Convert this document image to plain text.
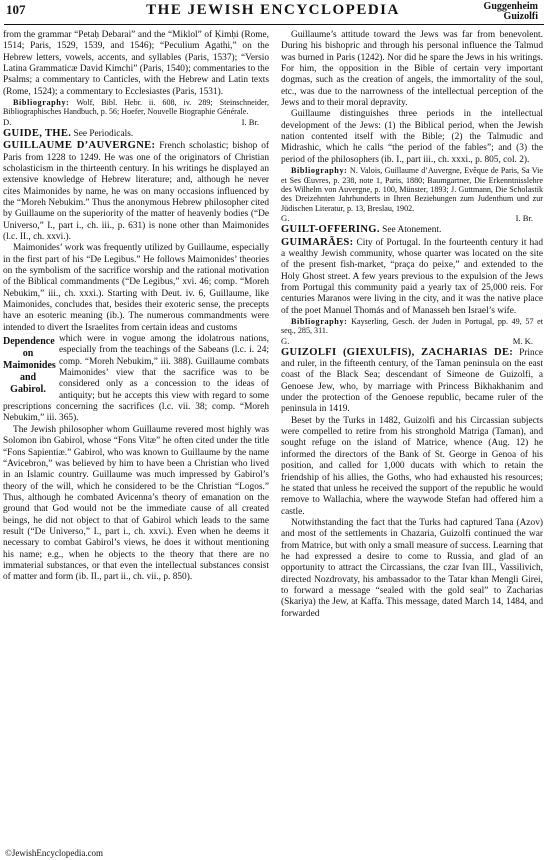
107	THE JEWISH ENCYCLOPEDIA	Guggenheim
Guizolfi

from the grammar “Petaḥ Debarai” and the “Miklol” of Ḳimḥi (Rome, 1514; Paris, 1529, 1539, and 1546); “Peculium Agathi,” on the Hebrew letters, vowels, accents, and syllables (Paris, 1537); “Versio Latina Grammaticæ David Kimchi” (Paris, 1540); commentaries to the Psalms; a commentary to Canticles, with the Hebrew and Latin texts (Rome, 1524); a commentary to Ecclesiastes (Paris, 1531).

Bibliography: Wolf, Bibl. Hebr. ii. 608, iv. 289; Steinschneider, Bibliographisches Handbuch, p. 56; Hoefer, Nouvelle Biographie Générale.

D.	I. Br.

GUIDE, THE. See Periodicals.

GUILLAUME D’AUVERGNE: French scholastic; bishop of Paris from 1228 to 1249. He was one of the originators of Christian scholasticism in the thirteenth century. In his writings he displayed an extensive knowledge of Hebrew literature; and, although he never cites Maimonides by name, he was on many occasions influenced by the “Moreh Nebukim.” Thus the anonymous Hebrew philosopher cited by Guillaume on the superiority of the matter of heavenly bodies (“De Universo,” I., part i., ch. iii., p. 631) is none other than Maimonides (l.c. II., ch. xxvi.).

Maimonides’ work was frequently utilized by Guillaume, especially in the first part of his “De Legibus.” He follows Maimonides’ theories on the symbolism of the sacrifice worship and the rational motivation of the Biblical commandments (“De Legibus,” xvi. 46; comp. “Moreh Nebukim,” iii., ch. xxxi.). Starting with Deut. iv. 6, Guillaume, like Maimonides, concludes that, besides their exoteric sense, the precepts have an esoteric meaning (ib.). The numerous commandments were intended to divert the Israelites from certain ideas and customs

Dependence on Maimonides and Gabirol.

which were in vogue among the idolatrous nations, especially from the teachings of the Sabeans (l.c. i. 24; comp. “Moreh Nebukim,” iii. 388). Guillaume combats Maimonides’ view that the sacrifice was to be considered only as a concession to the ideas of antiquity; but he accepts this view with regard to some prescriptions concerning the sacrifices (l.c. vii. 38; comp. “Moreh Nebukim,” iii. 365).

The Jewish philosopher whom Guillaume revered most highly was Solomon ibn Gabirol, whose “Fons Vitæ” he often cited under the title “Fons Sapientiæ.” Gabirol, who was known to Guillaume by the name “Avicebron,” was believed by him to have been a Christian who lived in an Islamic country. Guillaume was much impressed by Gabirol’s theory of the will, which he considered to be the Christian “Logos.” Thus, although he combated Avicenna’s theory of emanation on the ground that God would not be the immediate cause of all created beings, he did not object to that of Gabirol which leads to the same result (“De Universo,” I., part i., ch. xxvi.). Even when he deems it necessary to combat Gabirol’s views, he does it without mentioning his name; e.g., when he objects to the theory that there are no immaterial substances, or that even the intellectual substances consist of matter and form (ib. II., part ii., ch. vii., p. 850).

Guillaume’s attitude toward the Jews was far from benevolent. During his bishopric and through his personal influence the Talmud was burned in Paris (1242). Nor did he spare the Jews in his writings. For him, the opposition in the Bible of certain very important dogmas, such as the creation of angels, the immortality of the soul, etc., was due to the narrowness of the intellectual perception of the Jews and to their moral depravity.

Guillaume distinguishes three periods in the intellectual development of the Jews: (1) the Biblical period, when the Jewish nation contented itself with the Bible; (2) the Talmudic and Midrashic, which he calls “the period of the fables”; and (3) the period of the philosophers (ib. I., part iii., ch. xxxi., p. 805, col. 2).

Bibliography: N. Valois, Guillaume d’Auvergne, Evêque de Paris, Sa Vie et Ses Œuvres, p. 238, note 1, Paris, 1880; Baumgartner, Die Erkenntnisslehre des Wilhelm von Auvergne, p. 100, Münster, 1893; J. Guttmann, Die Scholastik des Dreizehnten Jahrhunderts in Ihren Beziehungen zum Judenthum und zur Jüdischen Literatur, p. 13, Breslau, 1902.

G.	I. Br.

GUILT-OFFERING. See Atonement.

GUIMARÃES: City of Portugal. In the fourteenth century it had a wealthy Jewish community, whose quarter was located on the site of the present fish-market, “praça do peixe,” and extended to the Holy Ghost street. A few years previous to the expulsion of the Jews from Portugal this community paid a yearly tax of 25,000 reis. For centuries Maranos were living in the city, and it was the native place of the poet Manuel Thomás and of Manasseh ben Israel’s wife.

Bibliography: Kayserling, Gesch. der Juden in Portugal, pp. 49, 57 et seq., 285, 311.

G.	M. K.

GUIZOLFI (GIEXULFIS), ZACHARIAS DE: Prince and ruler, in the fifteenth century, of the Taman peninsula on the east coast of the Black Sea; descendant of Simeone de Guizolfi, a Genoese Jew, who, by marriage with Princess Bikhakhanim and under the protection of the Genoese republic, became ruler of the peninsula in 1419.

Beset by the Turks in 1482, Guizolfi and his Circassian subjects were compelled to retire from his stronghold Matriga (Taman), and sought refuge on the island of Matrice, whence (Aug. 12) he informed the directors of the Bank of St. George in Genoa of his position, and called for 1,000 ducats with which to retain the friendship of his allies, the Goths, who had exhausted his resources; he stated that unless he received the support of the republic he would remove to Wallachia, where the waywode Stefan had offered him a castle.

Notwithstanding the fact that the Turks had captured Tana (Azov) and most of the settlements in Chazaria, Guizolfi continued the war from Matrice, but with only a small measure of success. Learning that he had expressed a desire to come to Russia, and glad of an opportunity to attract the Circassians, the czar Ivan III., Vassilivich, directed Nozdrovaty, his ambassador to the Tatar khan Mengli Girei, to forward a message “sealed with the gold seal” to Zacharias (Skariya) the Jew, at Kaffa. This message, dated March 14, 1484, and forwarded

©JewishEncyclopedia.com
